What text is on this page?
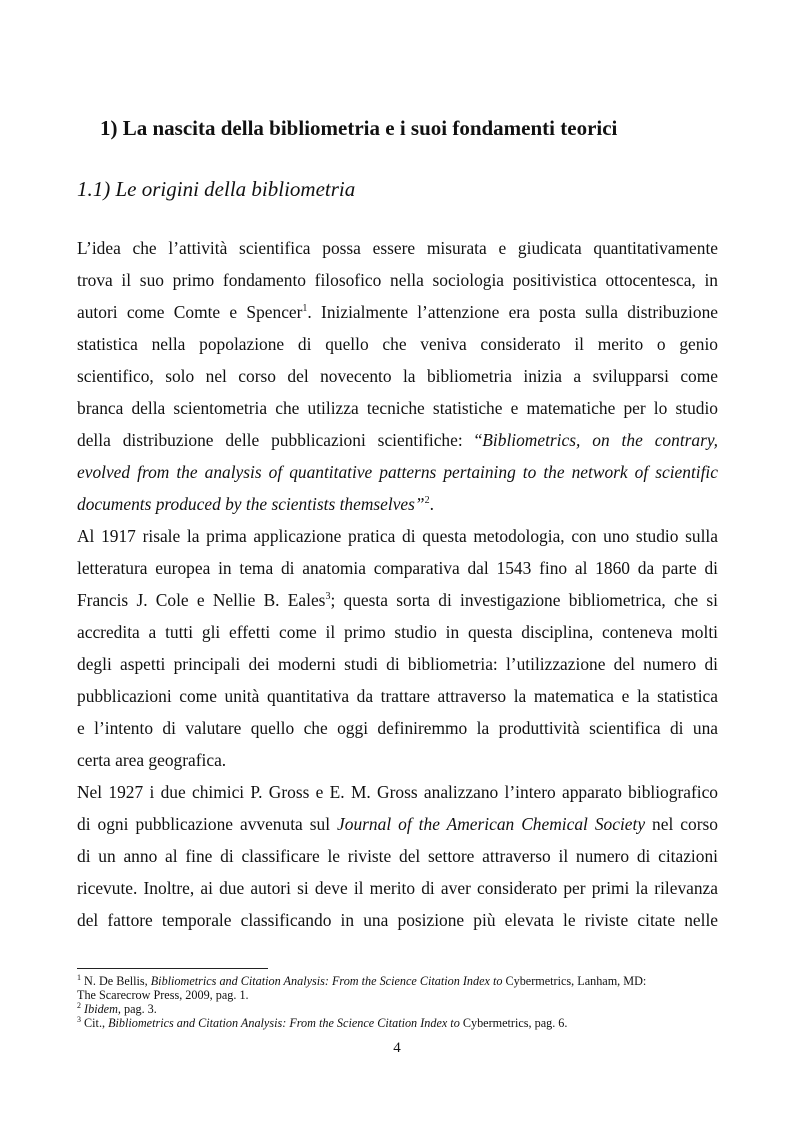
1) La nascita della bibliometria e i suoi fondamenti teorici
1.1) Le origini della bibliometria
L’idea che l’attività scientifica possa essere misurata e giudicata quantitativamente
trova il suo primo fondamento filosofico nella sociologia positivistica ottocentesca, in
autori come Comte e Spencer$^1$. Inizialmente l’attenzione era posta sulla distribuzione
statistica nella popolazione di quello che veniva considerato il merito o genio
scientifico, solo nel corso del novecento la bibliometria inizia a svilupparsi come
branca della scientometria che utilizza tecniche statistiche e matematiche per lo studio
della distribuzione delle pubblicazioni scientifiche: “Bibliometrics, on the contrary,
evolved from the analysis of quantitative patterns pertaining to the network of scientific
documents produced by the scientists themselves”$^2$.
Al 1917 risale la prima applicazione pratica di questa metodologia, con uno studio sulla
letteratura europea in tema di anatomia comparativa dal 1543 fino al 1860 da parte di
Francis J. Cole e Nellie B. Eales$^3$; questa sorta di investigazione bibliometrica, che si
accredita a tutti gli effetti come il primo studio in questa disciplina, conteneva molti
degli aspetti principali dei moderni studi di bibliometria: l’utilizzazione del numero di
pubblicazioni come unità quantitativa da trattare attraverso la matematica e la statistica
e l’intento di valutare quello che oggi definiremmo la produttività scientifica di una
certa area geografica.
Nel 1927 i due chimici P. Gross e E. M. Gross analizzano l’intero apparato bibliografico
di ogni pubblicazione avvenuta sul Journal of the American Chemical Society nel corso
di un anno al fine di classificare le riviste del settore attraverso il numero di citazioni
ricevute. Inoltre, ai due autori si deve il merito di aver considerato per primi la rilevanza
del fattore temporale classificando in una posizione più elevata le riviste citate nelle
$^1$ N. De Bellis, Bibliometrics and Citation Analysis: From the Science Citation Index to Cybermetrics, Lanham, MD:
The Scarecrow Press, 2009, pag. 1.
$^2$ Ibidem, pag. 3.
$^3$ Cit., Bibliometrics and Citation Analysis: From the Science Citation Index to Cybermetrics, pag. 6.
4
